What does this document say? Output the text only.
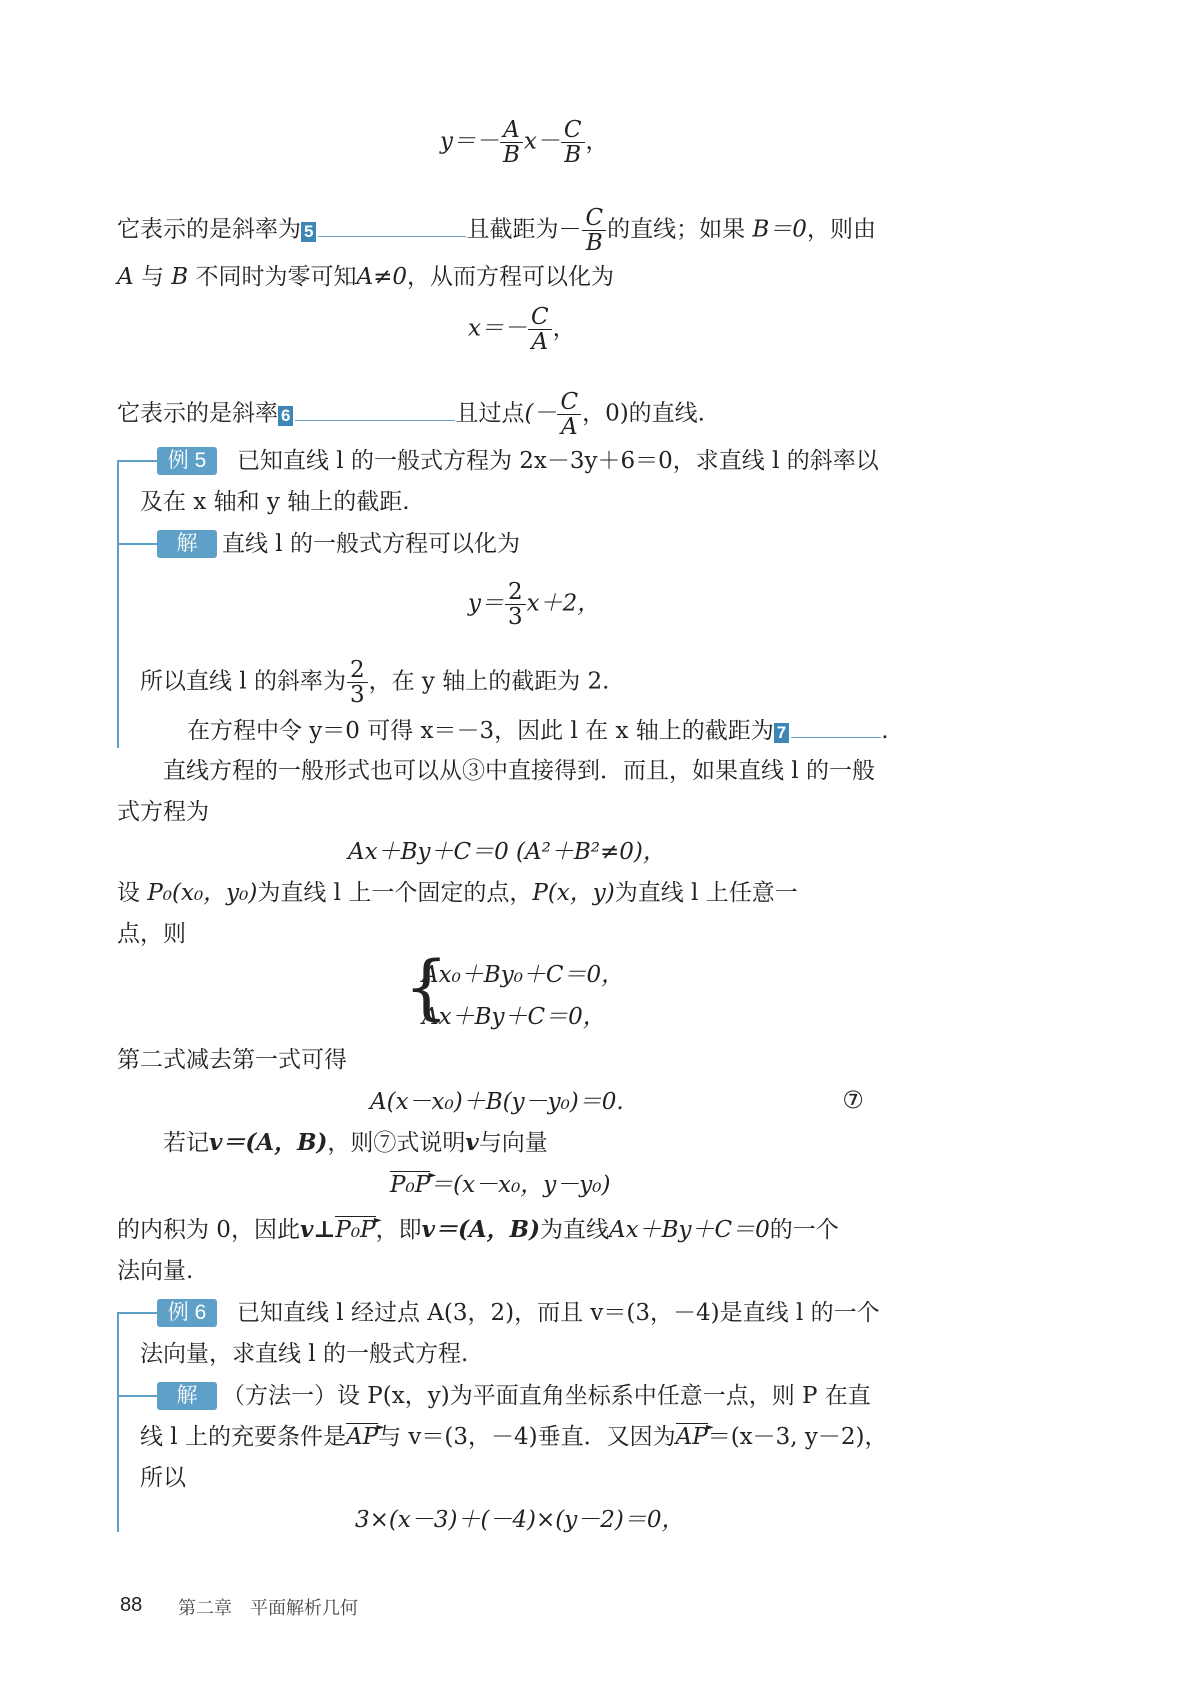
$y=- \frac{A}{B} x- \frac{C}{B}$ ，
它表示的是斜率为 5	且截距为－ $\frac{C}{B}$ 的直线；如果 B＝0，则由
A 与 B 不同时为零可知A≠0，从而方程可以化为
$x=- \frac{C}{A}$ ，
它表示的是斜率 6	且过点(－ $\frac{C}{A}$ ，0)的直线.
例 5	已知直线 l 的一般式方程为 2x－3y＋6＝0，求直线 l 的斜率以
及在 x 轴和 y 轴上的截距.
解	直线 l 的一般式方程可以化为
$y= \frac{2}{3} x+2$，
所以直线 l 的斜率为 $\frac{2}{3}$ ，在 y 轴上的截距为 2.
在方程中令 y＝0 可得 x＝－3，因此 l 在 x 轴上的截距为 7	.
直线方程的一般形式也可以从③中直接得到．而且，如果直线 l 的一般
式方程为
Ax＋By＋C＝0 (A²＋B²≠0)，
设 P₀(x₀，y₀)为直线 l 上一个固定的点，P(x，y)为直线 l 上任意一
点，则
{
Ax₀＋By₀＋C＝0，
Ax＋By＋C＝0，
第二式减去第一式可得
A(x－x₀)＋B(y－y₀)＝0.	⑦
若记v＝(A，B)，则⑦式说明v与向量
P₀P ►＝(x－x₀，y－y₀)
的内积为 0，因此v⊥P₀P ►，即v＝(A，B)为直线Ax＋By＋C＝0的一个
法向量.
例 6	已知直线 l 经过点 A(3，2)，而且 v＝(3，－4)是直线 l 的一个
法向量，求直线 l 的一般式方程.
解	（方法一）设 P(x，y)为平面直角坐标系中任意一点，则 P 在直
线 l 上的充要条件是AP ►与 v＝(3，－4)垂直．又因为AP ►＝(x－3, y－2)，
所以
3×(x－3)＋(－4)×(y－2)＝0，
88 第二章　平面解析几何
